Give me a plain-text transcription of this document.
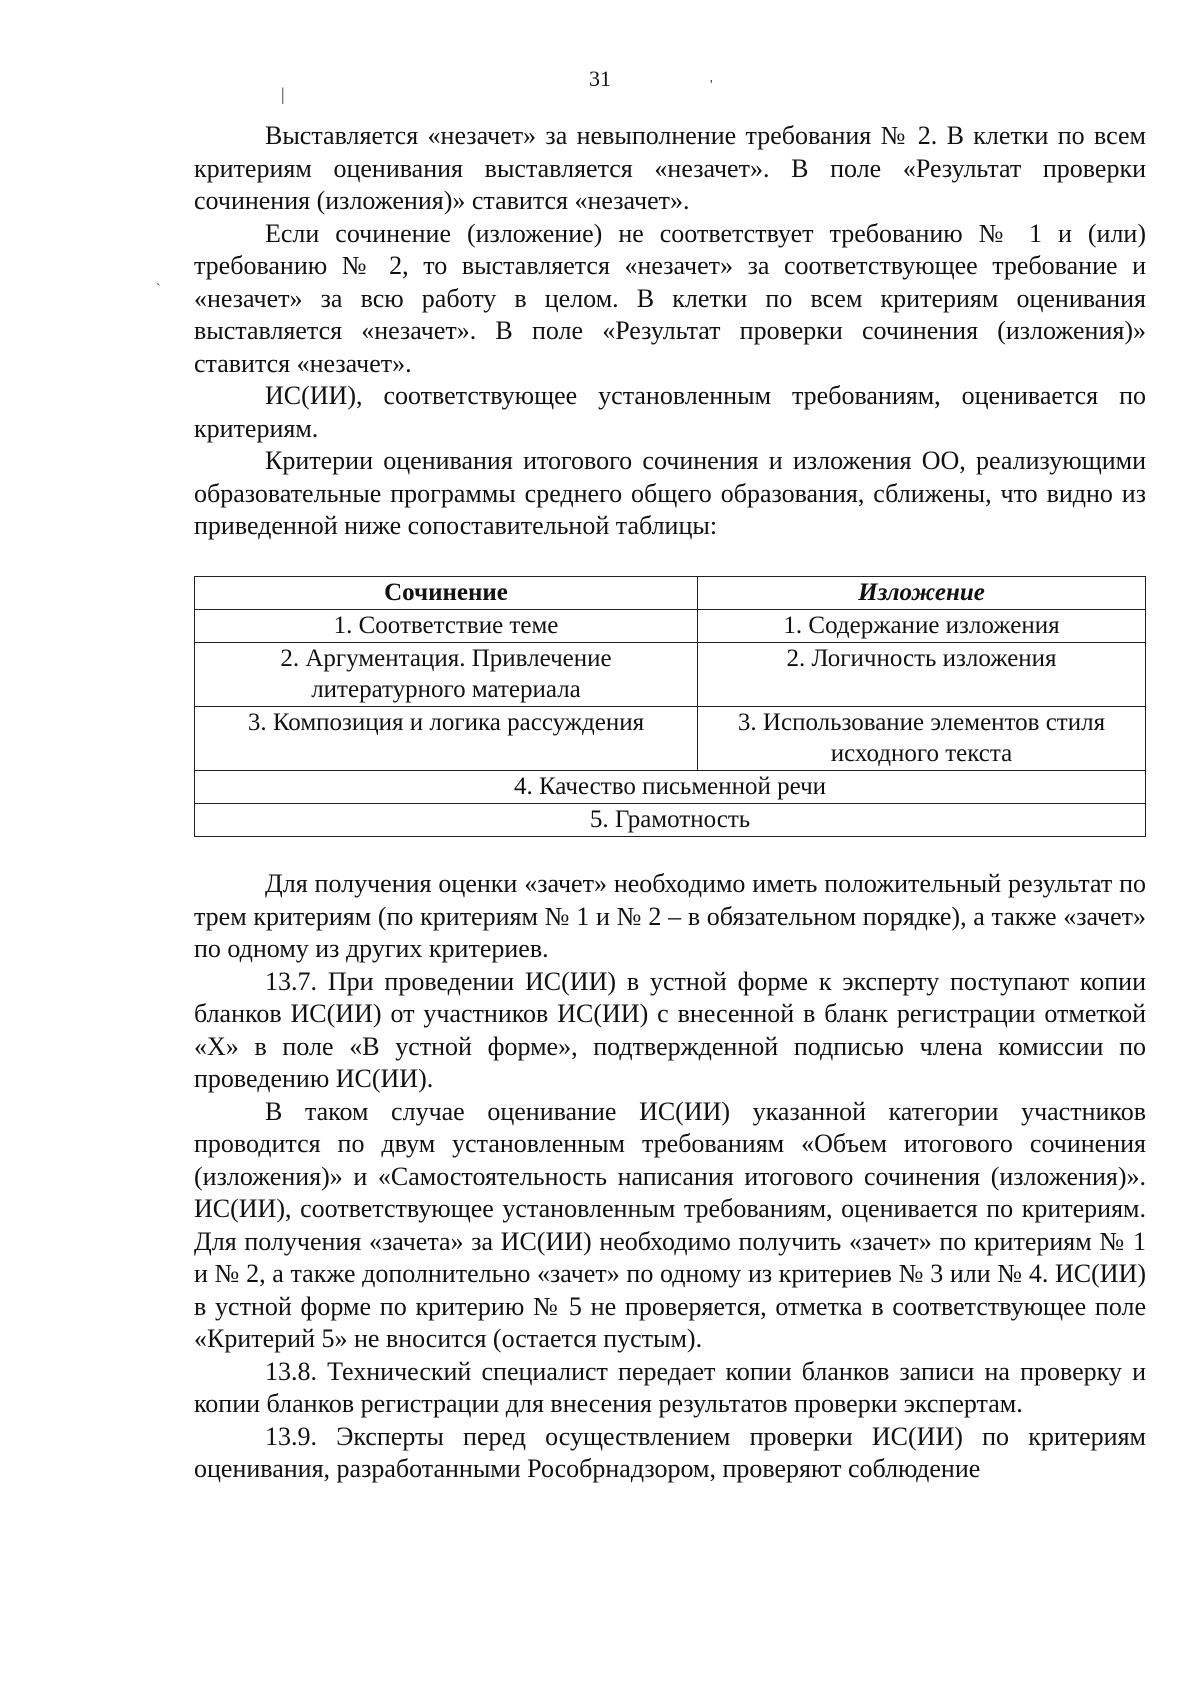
31
|	'
`

Выставляется «незачет» за невыполнение требования № 2. В клетки по всем критериям оценивания выставляется «незачет». В поле «Результат проверки сочинения (изложения)» ставится «незачет».

Если сочинение (изложение) не соответствует требованию № 1 и (или) требованию № 2, то выставляется «незачет» за соответствующее требование и «незачет» за всю работу в целом. В клетки по всем критериям оценивания выставляется «незачет». В поле «Результат проверки сочинения (изложения)» ставится «незачет».

ИС(ИИ), соответствующее установленным требованиям, оценивается по критериям.

Критерии оценивания итогового сочинения и изложения ОО, реализующими образовательные программы среднего общего образования, сближены, что видно из приведенной ниже сопоставительной таблицы:

Сочинение	Изложение
1. Соответствие теме	1. Содержание изложения
2. Аргументация. Привлечение литературного материала	2. Логичность изложения
3. Композиция и логика рассуждения	3. Использование элементов стиля исходного текста
4. Качество письменной речи	
5. Грамотность	

Для получения оценки «зачет» необходимо иметь положительный результат по трем критериям (по критериям № 1 и № 2 – в обязательном порядке), а также «зачет» по одному из других критериев.

13.7. При проведении ИС(ИИ) в устной форме к эксперту поступают копии бланков ИС(ИИ) от участников ИС(ИИ) с внесенной в бланк регистрации отметкой «Х» в поле «В устной форме», подтвержденной подписью члена комиссии по проведению ИС(ИИ).

В таком случае оценивание ИС(ИИ) указанной категории участников проводится по двум установленным требованиям «Объем итогового сочинения (изложения)» и «Самостоятельность написания итогового сочинения (изложения)». ИС(ИИ), соответствующее установленным требованиям, оценивается по критериям. Для получения «зачета» за ИС(ИИ) необходимо получить «зачет» по критериям № 1 и № 2, а также дополнительно «зачет» по одному из критериев № 3 или № 4. ИС(ИИ) в устной форме по критерию № 5 не проверяется, отметка в соответствующее поле «Критерий 5» не вносится (остается пустым).

13.8. Технический специалист передает копии бланков записи на проверку и копии бланков регистрации для внесения результатов проверки экспертам.

13.9. Эксперты перед осуществлением проверки ИС(ИИ) по критериям оценивания, разработанными Рособрнадзором, проверяют соблюдение
